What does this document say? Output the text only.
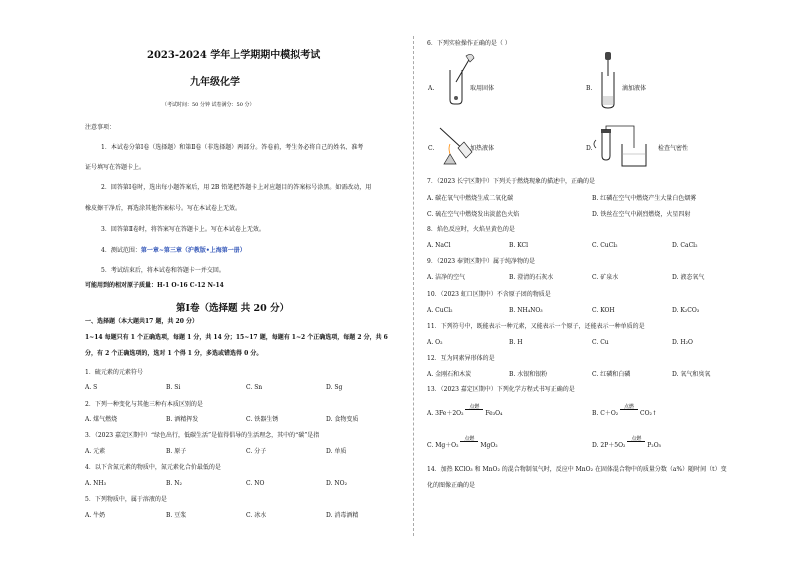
2023-2024 学年上学期期中模拟考试
九年级化学
（考试时间：50 分钟 试卷满分：50 分）
注意事项：
1．本试卷分第Ⅰ卷（选择题）和第Ⅱ卷（非选择题）两部分。答卷前，考生务必将自己的姓名、准考
证号填写在答题卡上。
2．回答第Ⅰ卷时，选出每小题答案后，用 2B 铅笔把答题卡上对应题目的答案标号涂黑。如需改动，用
橡皮擦干净后，再选涂其他答案标号。写在本试卷上无效。
3．回答第Ⅱ卷时，将答案写在答题卡上。写在本试卷上无效。
4．测试范围：第一章~第三章（沪教版•上海第一册）
5．考试结束后，将本试卷和答题卡一并交回。
可能用到的相对原子质量：H-1 O-16 C-12 N-14
第Ⅰ卷（选择题 共 20 分）
一、选择题（本大题共17 题，共 20 分）
1~14 每题只有 1 个正确选项，每题 1 分，共 14 分；15~17 题，每题有 1~2 个正确选项，每题 2 分，共 6
分，有 2 个正确选项的，选对 1 个得 1 分，多选或错选得 0 分。
1．硫元素的元素符号
A. S	B. Si	C. Sn	D. Sg
2．下列一种变化与其他三种有本质区别的是
A. 煤气燃烧	B. 酒精挥发	C. 铁器生锈	D. 食物变质
3．（2023 嘉定区期中）“绿色出行，低碳生活”是值得倡导的生活理念，其中的“碳”是指
A. 元素	B. 原子	C. 分子	D. 单质
4．以下含氮元素的物质中，氮元素化合价最低的是
A. NH₃	B. N₂	C. NO	D. NO₂
5．下列物质中，属于溶液的是
A. 牛奶	B. 豆浆	C. 冰水	D. 消毒酒精
6．下列实验操作正确的是（ ）
A.	取用固体	B.	滴加液体
C.	加热液体	D.	检查气密性
7．（2023 长宁区期中）下列关于燃烧现象的描述中，正确的是
A. 碳在氧气中燃烧生成二氧化碳	B. 红磷在空气中燃烧产生大量白色烟雾
C. 硫在空气中燃烧发出淡蓝色火焰	D. 铁丝在空气中剧烈燃烧，火星四射
8．焰色反应时，火焰呈黄色的是
A. NaCl	B. KCl	C. CuCl₂	D. CaCl₂
9．（2023 奉贤区期中）属于纯净物的是
A. 洁净的空气	B. 澄清的石灰水	C. 矿泉水	D. 液态氧气
10．（2023 虹口区期中）不含原子团的物质是
A. CuCl₂	B. NH₄NO₃	C. KOH	D. K₂CO₃
11．下列符号中，既能表示一种元素，又能表示一个原子，还能表示一种单质的是
A. O₂	B. H	C. Cu	D. H₂O
12．互为同素异形体的是
A. 金刚石和木炭	B. 水银和银粉	C. 红磷和白磷	D. 氧气和臭氧
13．（2023 嘉定区期中）下列化学方程式书写正确的是
A. 3Fe＋2O₂
点燃
Fe₃O₄	B. C＋O₂
点燃
CO₂↑
C. Mg＋O₂
点燃
MgO₂	D. 2P＋5O₂
点燃
P₂O₅
14．加热 KClO₃ 和 MnO₂ 的混合物制氧气时，反应中 MnO₂ 在固体混合物中的质量分数（a%）随时间（t）变
化的图像正确的是
